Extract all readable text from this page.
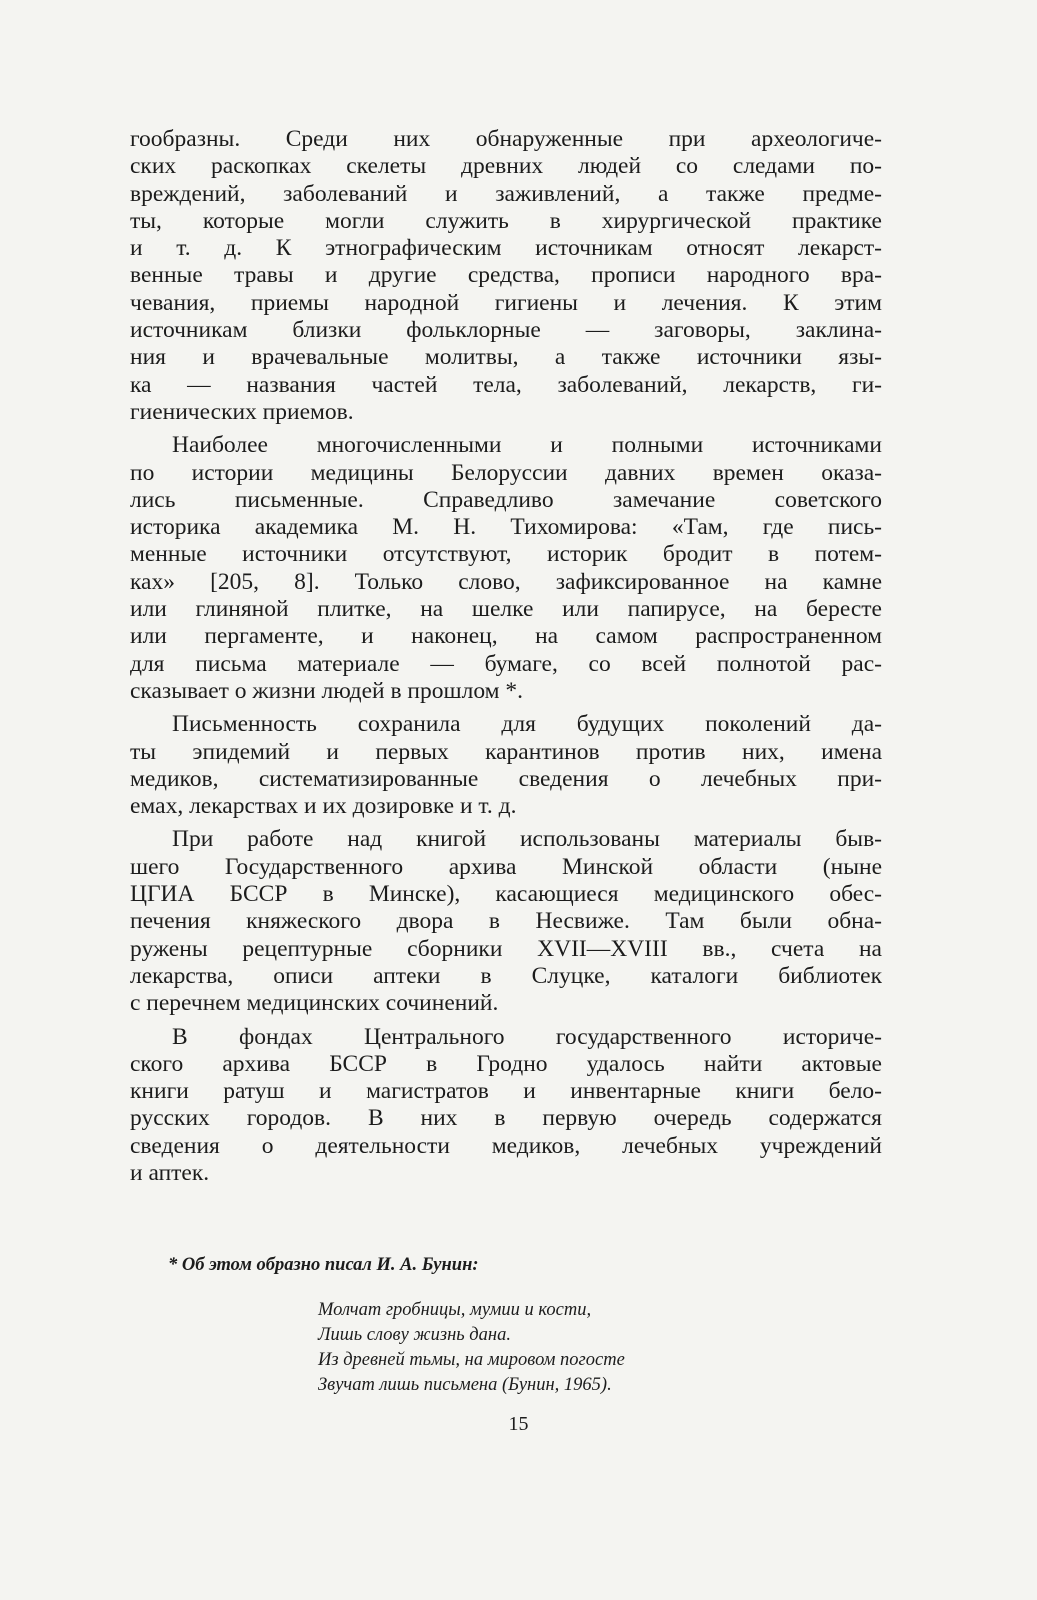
гообразны. Среди них обнаруженные при археологиче-
ских раскопках скелеты древних людей со следами по-
вреждений, заболеваний и заживлений, а также предме-
ты, которые могли служить в хирургической практике
и т. д. К этнографическим источникам относят лекарст-
венные травы и другие средства, прописи народного вра-
чевания, приемы народной гигиены и лечения. К этим
источникам близки фольклорные — заговоры, заклина-
ния и врачевальные молитвы, а также источники язы-
ка — названия частей тела, заболеваний, лекарств, ги-
гиенических приемов.
Наиболее многочисленными и полными источниками
по истории медицины Белоруссии давних времен оказа-
лись письменные. Справедливо замечание советского
историка академика М. Н. Тихомирова: «Там, где пись-
менные источники отсутствуют, историк бродит в потем-
ках» [205, 8]. Только слово, зафиксированное на камне
или глиняной плитке, на шелке или папирусе, на бересте
или пергаменте, и наконец, на самом распространенном
для письма материале — бумаге, со всей полнотой рас-
сказывает о жизни людей в прошлом *.
Письменность сохранила для будущих поколений да-
ты эпидемий и первых карантинов против них, имена
медиков, систематизированные сведения о лечебных при-
емах, лекарствах и их дозировке и т. д.
При работе над книгой использованы материалы быв-
шего Государственного архива Минской области (ныне
ЦГИА БССР в Минске), касающиеся медицинского обес-
печения княжеского двора в Несвиже. Там были обна-
ружены рецептурные сборники XVII—XVIII вв., счета на
лекарства, описи аптеки в Слуцке, каталоги библиотек
с перечнем медицинских сочинений.
В фондах Центрального государственного историче-
ского архива БССР в Гродно удалось найти актовые
книги ратуш и магистратов и инвентарные книги бело-
русских городов. В них в первую очередь содержатся
сведения о деятельности медиков, лечебных учреждений
и аптек.
* Об этом образно писал И. А. Бунин:
Молчат гробницы, мумии и кости,
Лишь слову жизнь дана.
Из древней тьмы, на мировом погосте
Звучат лишь письмена (Бунин, 1965).
15
